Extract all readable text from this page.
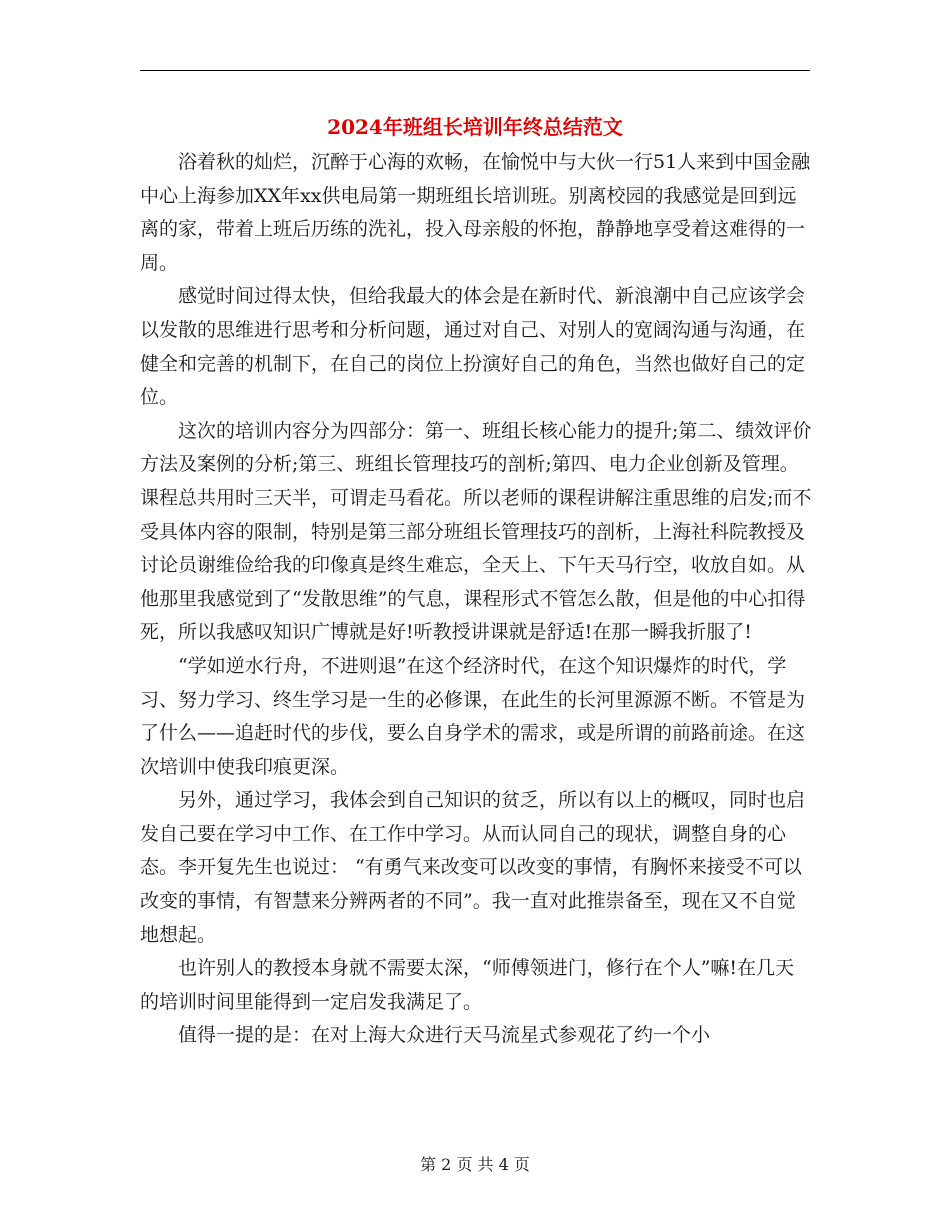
2024年班组长培训年终总结范文

浴着秋的灿烂，沉醉于心海的欢畅，在愉悦中与大伙一行51人来到中国金融中心上海参加XX年xx供电局第一期班组长培训班。别离校园的我感觉是回到远离的家，带着上班后历练的洗礼，投入母亲般的怀抱，静静地享受着这难得的一周。

感觉时间过得太快，但给我最大的体会是在新时代、新浪潮中自己应该学会以发散的思维进行思考和分析问题，通过对自己、对别人的宽阔沟通与沟通，在健全和完善的机制下，在自己的岗位上扮演好自己的角色，当然也做好自己的定位。

这次的培训内容分为四部分：第一、班组长核心能力的提升;第二、绩效评价方法及案例的分析;第三、班组长管理技巧的剖析;第四、电力企业创新及管理。课程总共用时三天半，可谓走马看花。所以老师的课程讲解注重思维的启发;而不受具体内容的限制，特别是第三部分班组长管理技巧的剖析，上海社科院教授及讨论员谢维俭给我的印像真是终生难忘，全天上、下午天马行空，收放自如。从他那里我感觉到了“发散思维”的气息，课程形式不管怎么散，但是他的中心扣得死，所以我感叹知识广博就是好!听教授讲课就是舒适!在那一瞬我折服了!

“学如逆水行舟，不进则退”在这个经济时代，在这个知识爆炸的时代，学习、努力学习、终生学习是一生的必修课，在此生的长河里源源不断。不管是为了什么——追赶时代的步伐，要么自身学术的需求，或是所谓的前路前途。在这次培训中使我印痕更深。

另外，通过学习，我体会到自己知识的贫乏，所以有以上的概叹，同时也启发自己要在学习中工作、在工作中学习。从而认同自己的现状，调整自身的心态。李开复先生也说过： “有勇气来改变可以改变的事情，有胸怀来接受不可以改变的事情，有智慧来分辨两者的不同”。我一直对此推崇备至，现在又不自觉地想起。

也许别人的教授本身就不需要太深，“师傅领进门，修行在个人”嘛!在几天的培训时间里能得到一定启发我满足了。

值得一提的是：在对上海大众进行天马流星式参观花了约一个小

第 2 页 共 4 页
